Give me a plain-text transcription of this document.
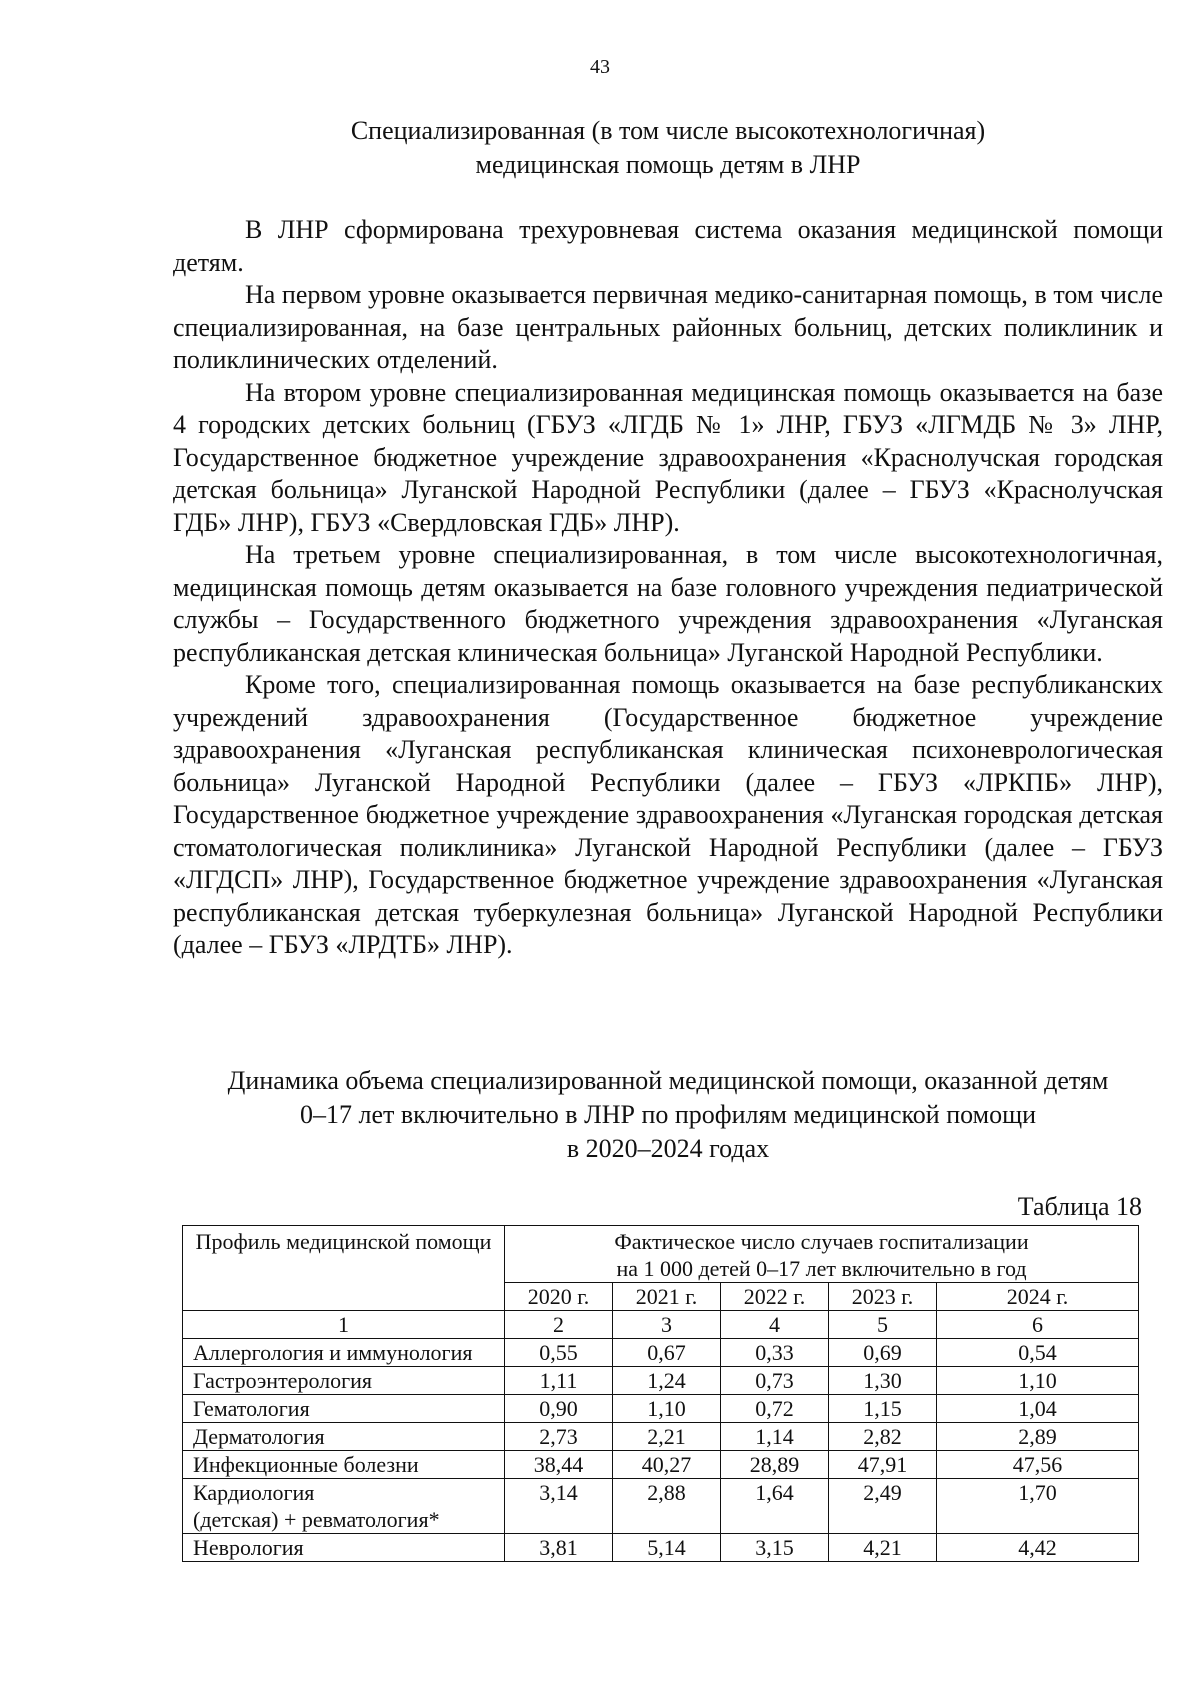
43
Специализированная (в том числе высокотехнологичная)
медицинская помощь детям в ЛНР

В ЛНР сформирована трехуровневая система оказания медицинской помощи детям.

На первом уровне оказывается первичная медико-санитарная помощь, в том числе специализированная, на базе центральных районных больниц, детских поликлиник и поликлинических отделений.

На втором уровне специализированная медицинская помощь оказывается на базе 4 городских детских больниц (ГБУЗ «ЛГДБ № 1» ЛНР, ГБУЗ «ЛГМДБ № 3» ЛНР, Государственное бюджетное учреждение здравоохранения «Краснолучская городская детская больница» Луганской Народной Республики (далее – ГБУЗ «Краснолучская ГДБ» ЛНР), ГБУЗ «Свердловская ГДБ» ЛНР).

На третьем уровне специализированная, в том числе высокотехнологичная, медицинская помощь детям оказывается на базе головного учреждения педиатрической службы – Государственного бюджетного учреждения здравоохранения «Луганская республиканская детская клиническая больница» Луганской Народной Республики.

Кроме того, специализированная помощь оказывается на базе республиканских учреждений здравоохранения (Государственное бюджетное учреждение здравоохранения «Луганская республиканская клиническая психоневрологическая больница» Луганской Народной Республики (далее – ГБУЗ «ЛРКПБ» ЛНР), Государственное бюджетное учреждение здравоохранения «Луганская городская детская стоматологическая поликлиника» Луганской Народной Республики (далее – ГБУЗ «ЛГДСП» ЛНР), Государственное бюджетное учреждение здравоохранения «Луганская республиканская детская туберкулезная больница» Луганской Народной Республики (далее – ГБУЗ «ЛРДТБ» ЛНР).

Динамика объема специализированной медицинской помощи, оказанной детям
0–17 лет включительно в ЛНР по профилям медицинской помощи
в 2020–2024 годах
Таблица 18
Профиль медицинской помощи	Фактическое число случаев госпитализации
на 1 000 детей 0–17 лет включительно в год				

	2020 г.	2021 г.	2022 г.	2023 г.	2024 г.
1	2	3	4	5	6
Аллергология и иммунология	0,55	0,67	0,33	0,69	0,54
Гастроэнтерология	1,11	1,24	0,73	1,30	1,10
Гематология	0,90	1,10	0,72	1,15	1,04
Дерматология	2,73	2,21	1,14	2,82	2,89
Инфекционные болезни	38,44	40,27	28,89	47,91	47,56

Кардиология
(детская) + ревматология*	3,14	2,88	1,64	2,49	1,70
Неврология	3,81	5,14	3,15	4,21	4,42
